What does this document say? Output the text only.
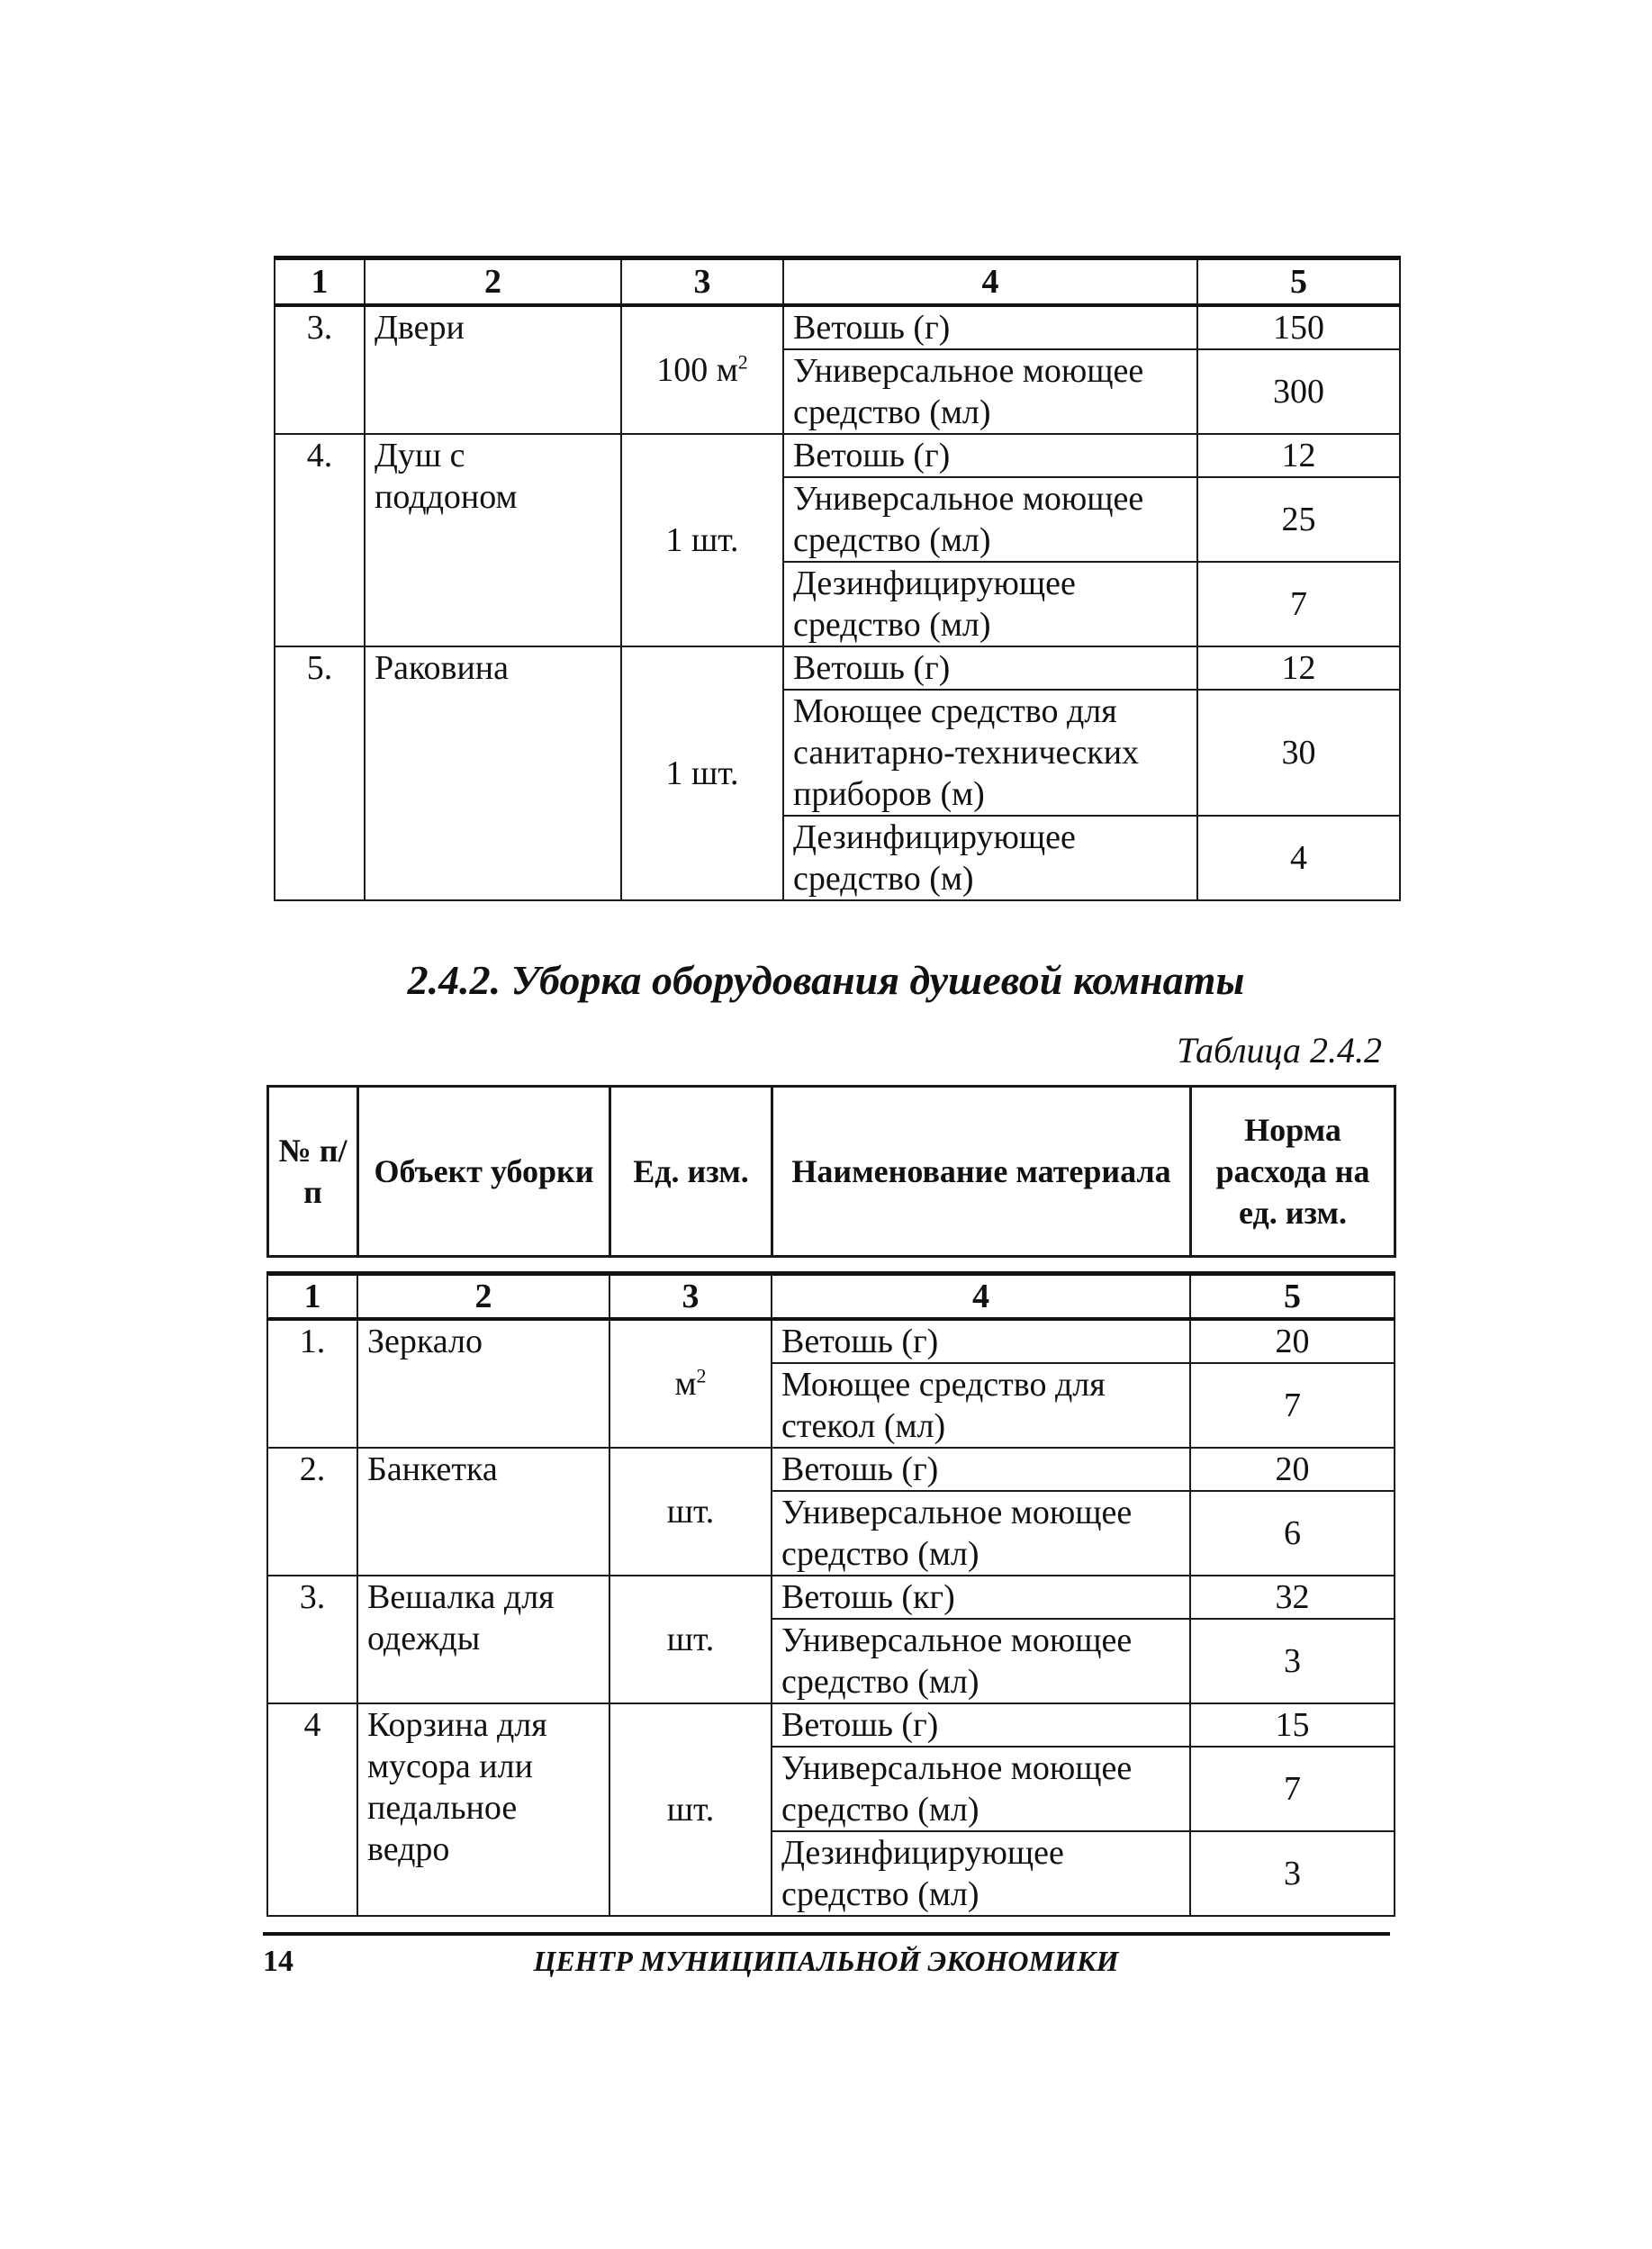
1	2	3	4	5
3.	Двери	100 $м^2$	Ветошь (г)	150
			Универсальное моющее средство (мл)	300
4.	Душ с поддоном	1 шт.	Ветошь (г)	12
			Универсальное моющее средство (мл)	25
			Дезинфицирующее средство (мл)	7
5.	Раковина	1 шт.	Ветошь (г)	12
			Моющее средство для санитарно-технических приборов (м)	30
			Дезинфицирующее средство (м)	4
2.4.2. Уборка оборудования душевой комнаты
Таблица 2.4.2
№ п/п	Объект уборки	Ед. изм.	Наименование материала	Норма расхода на ед. изм.
1	2	3	4	5
1.	Зеркало	$м^2$	Ветошь (г)	20
			Моющее средство для стекол (мл)	7
2.	Банкетка	шт.	Ветошь (г)	20
			Универсальное моющее средство (мл)	6
3.	Вешалка для одежды	шт.	Ветошь (кг)	32
			Универсальное моющее средство (мл)	3
4	Корзина для мусора или педальное ведро	шт.	Ветошь (г)	15
			Универсальное моющее средство (мл)	7
			Дезинфицирующее средство (мл)	3
14	ЦЕНТР МУНИЦИПАЛЬНОЙ ЭКОНОМИКИ
